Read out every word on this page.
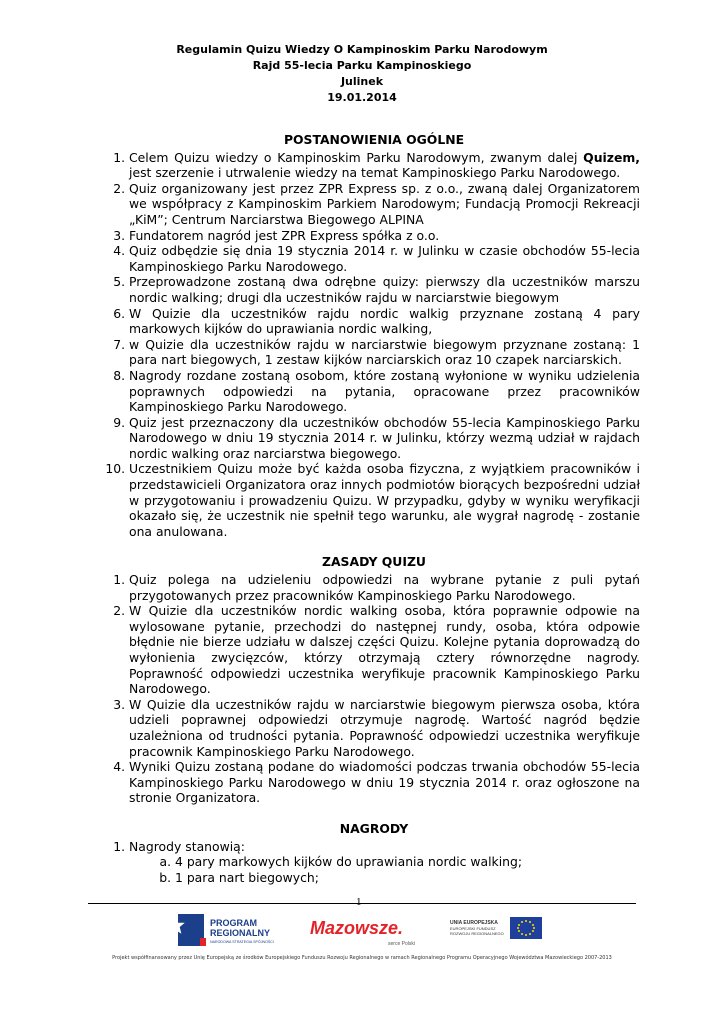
Regulamin Quizu Wiedzy O Kampinoskim Parku Narodowym
Rajd 55-lecia Parku Kampinoskiego
Julinek
19.01.2014
POSTANOWIENIA OGÓLNE
1. Celem Quizu wiedzy o Kampinoskim Parku Narodowym, zwanym dalej Quizem, jest szerzenie i utrwalenie wiedzy na temat Kampinoskiego Parku Narodowego.
2. Quiz organizowany jest przez ZPR Express sp. z o.o., zwaną dalej Organizatorem we współpracy z Kampinoskim Parkiem Narodowym; Fundacją Promocji Rekreacji „KiM”; Centrum Narciarstwa Biegowego ALPINA
3. Fundatorem nagród jest ZPR Express spółka z o.o.
4. Quiz odbędzie się dnia 19 stycznia 2014 r. w Julinku w czasie obchodów 55-lecia Kampinoskiego Parku Narodowego.
5. Przeprowadzone zostaną dwa odrębne quizy: pierwszy dla uczestników marszu nordic walking; drugi dla uczestników rajdu w narciarstwie biegowym
6. W Quizie dla uczestników rajdu nordic walkig przyznane zostaną 4 pary markowych kijków do uprawiania nordic walking,
7. w Quizie dla uczestników rajdu w narciarstwie biegowym przyznane zostaną: 1 para nart biegowych, 1 zestaw kijków narciarskich oraz 10 czapek narciarskich.
8. Nagrody rozdane zostaną osobom, które zostaną wyłonione w wyniku udzielenia poprawnych odpowiedzi na pytania, opracowane przez pracowników Kampinoskiego Parku Narodowego.
9. Quiz jest przeznaczony dla uczestników obchodów 55-lecia Kampinoskiego Parku Narodowego w dniu 19 stycznia 2014 r. w Julinku, którzy wezmą udział w rajdach nordic walking oraz narciarstwa biegowego.
10. Uczestnikiem Quizu może być każda osoba fizyczna, z wyjątkiem pracowników i przedstawicieli Organizatora oraz innych podmiotów biorących bezpośredni udział w przygotowaniu i prowadzeniu Quizu. W przypadku, gdyby w wyniku weryfikacji okazało się, że uczestnik nie spełnił tego warunku, ale wygrał nagrodę - zostanie ona anulowana.
ZASADY QUIZU
1. Quiz polega na udzieleniu odpowiedzi na wybrane pytanie z puli pytań przygotowanych przez pracowników Kampinoskiego Parku Narodowego.
2. W Quizie dla uczestników nordic walking osoba, która poprawnie odpowie na wylosowane pytanie, przechodzi do następnej rundy, osoba, która odpowie błędnie nie bierze udziału w dalszej części Quizu. Kolejne pytania doprowadzą do wyłonienia zwycięzców, którzy otrzymają cztery równorzędne nagrody. Poprawność odpowiedzi uczestnika weryfikuje pracownik Kampinoskiego Parku Narodowego.
3. W Quizie dla uczestników rajdu w narciarstwie biegowym pierwsza osoba, która udzieli poprawnej odpowiedzi otrzymuje nagrodę. Wartość nagród będzie uzależniona od trudności pytania. Poprawność odpowiedzi uczestnika weryfikuje pracownik Kampinoskiego Parku Narodowego.
4. Wyniki Quizu zostaną podane do wiadomości podczas trwania obchodów 55-lecia Kampinoskiego Parku Narodowego w dniu 19 stycznia 2014 r. oraz ogłoszone na stronie Organizatora.
NAGRODY
1. Nagrody stanowią:
a. 4 pary markowych kijków do uprawiania nordic walking;
b. 1 para nart biegowych;
1
PROGRAM
REGIONALNY
NARODOWA STRATEGIA SPÓJNOŚCI
Mazowsze.
serce Polski
UNIA EUROPEJSKA
EUROPEJSKI FUNDUSZ
ROZWOJU REGIONALNEGO
Projekt współfinansowany przez Unię Europejską ze środków Europejskiego Funduszu Rozwoju Regionalnego w ramach Regionalnego Programu Operacyjnego Województwa Mazowieckiego 2007-2013
